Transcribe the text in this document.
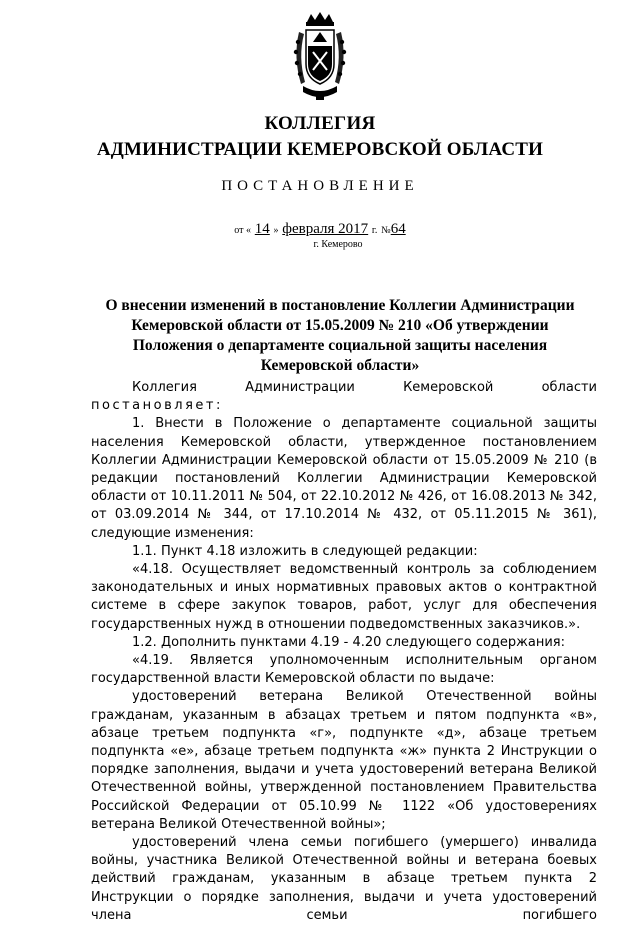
КОЛЛЕГИЯ
АДМИНИСТРАЦИИ КЕМЕРОВСКОЙ ОБЛАСТИ
ПОСТАНОВЛЕНИЕ
от « 14 » февраля 2017 г. №64
г. Кемерово
О внесении изменений в постановление Коллегии Администрации Кемеровской области от 15.05.2009 № 210 «Об утверждении Положения о департаменте социальной защиты населения Кемеровской области»

Коллегия Администрации Кемеровской области постановляет:

1. Внести в Положение о департаменте социальной защиты населения Кемеровской области, утвержденное постановлением Коллегии Администрации Кемеровской области от 15.05.2009 № 210 (в редакции постановлений Коллегии Администрации Кемеровской области от 10.11.2011 № 504, от 22.10.2012 № 426, от 16.08.2013 № 342, от 03.09.2014 № 344, от 17.10.2014 № 432, от 05.11.2015 № 361), следующие изменения:

1.1. Пункт 4.18 изложить в следующей редакции:

«4.18. Осуществляет ведомственный контроль за соблюдением законодательных и иных нормативных правовых актов о контрактной системе в сфере закупок товаров, работ, услуг для обеспечения государственных нужд в отношении подведомственных заказчиков.».

1.2. Дополнить пунктами 4.19 - 4.20 следующего содержания:

«4.19. Является уполномоченным исполнительным органом государственной власти Кемеровской области по выдаче:

удостоверений ветерана Великой Отечественной войны гражданам, указанным в абзацах третьем и пятом подпункта «в», абзаце третьем подпункта «г», подпункте «д», абзаце третьем подпункта «е», абзаце третьем подпункта «ж» пункта 2 Инструкции о порядке заполнения, выдачи и учета удостоверений ветерана Великой Отечественной войны, утвержденной постановлением Правительства Российской Федерации от 05.10.99 № 1122 «Об удостоверениях ветерана Великой Отечественной войны»;

удостоверений члена семьи погибшего (умершего) инвалида войны, участника Великой Отечественной войны и ветерана боевых действий гражданам, указанным в абзаце третьем пункта 2 Инструкции о порядке заполнения, выдачи и учета удостоверений члена семьи погибшего
